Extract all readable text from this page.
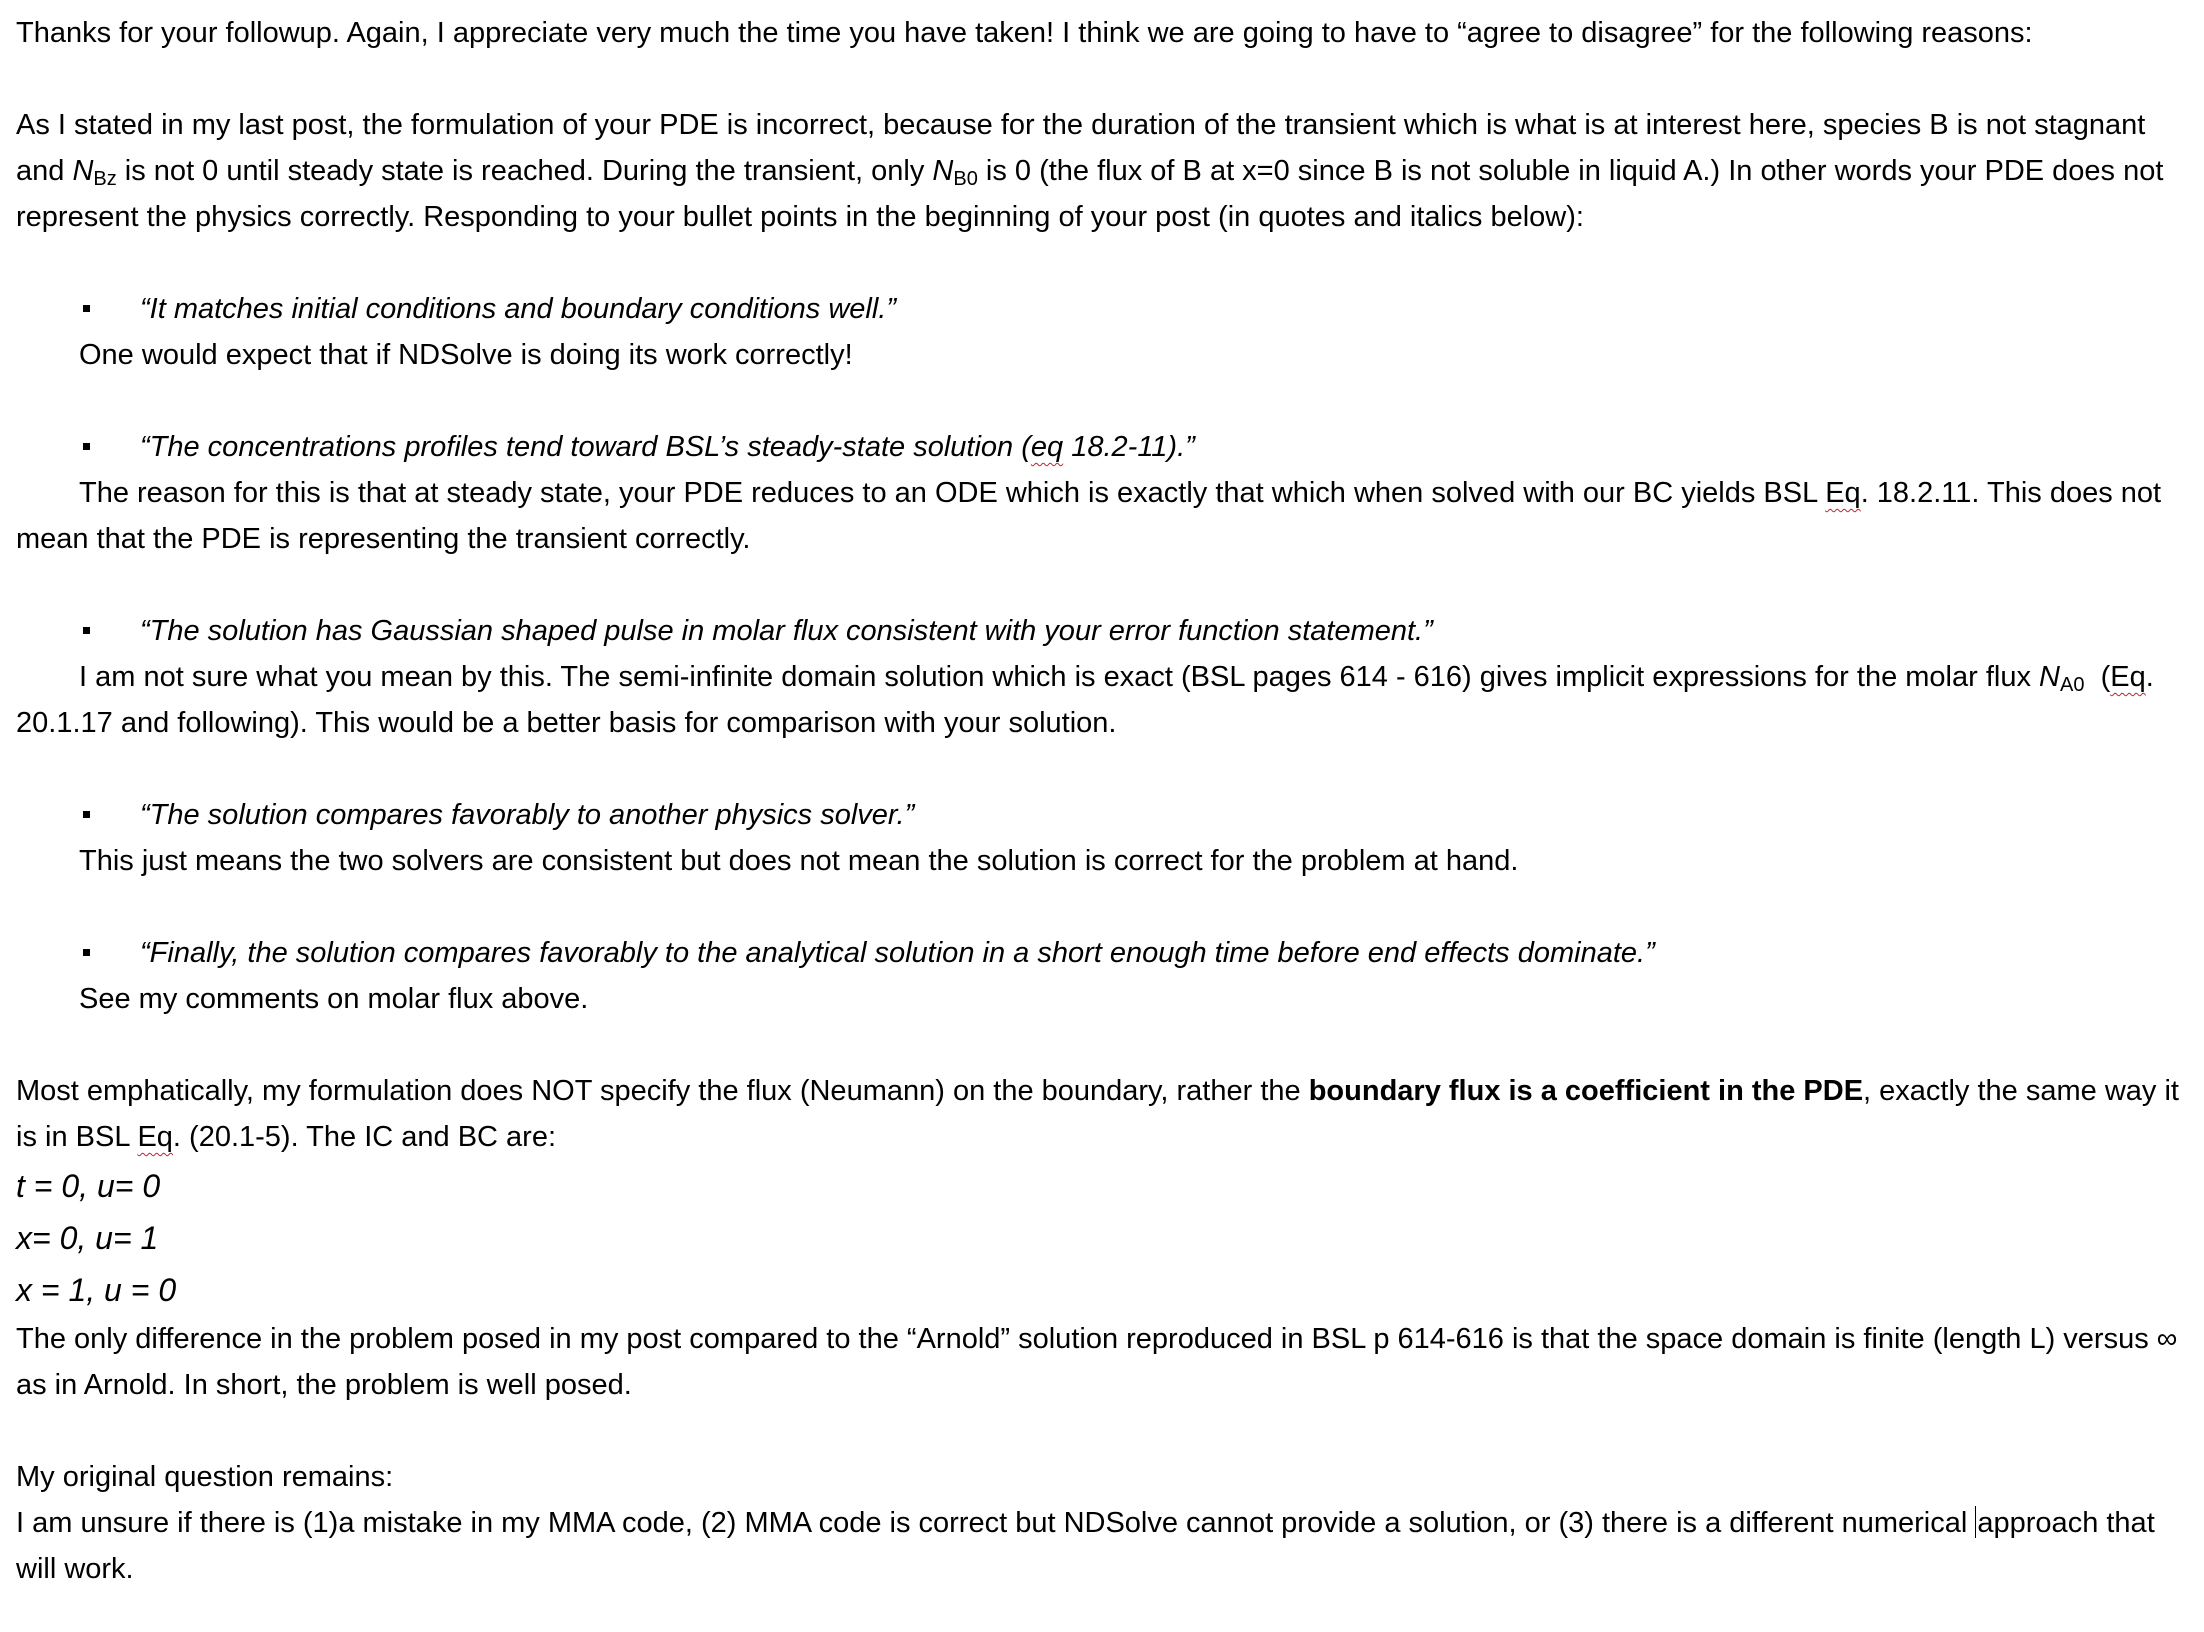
Thanks for your followup. Again, I appreciate very much the time you have taken! I think we are going to have to “agree to disagree” for the following reasons:

As I stated in my last post, the formulation of your PDE is incorrect, because for the duration of the transient which is what is at interest here, species B is not stagnant and $N_{Bz}$ is not 0 until steady state is reached. During the transient, only $N_{B0}$ is 0 (the flux of B at x=0 since B is not soluble in liquid A.) In other words your PDE does not represent the physics correctly. Responding to your bullet points in the beginning of your post (in quotes and italics below):

“It matches initial conditions and boundary conditions well.”

One would expect that if NDSolve is doing its work correctly!

“The concentrations profiles tend toward BSL’s steady-state solution (eq 18.2-11).”

The reason for this is that at steady state, your PDE reduces to an ODE which is exactly that which when solved with our BC yields BSL Eq. 18.2.11. This does not mean that the PDE is representing the transient correctly.

“The solution has Gaussian shaped pulse in molar flux consistent with your error function statement.”

I am not sure what you mean by this. The semi-infinite domain solution which is exact (BSL pages 614 - 616) gives implicit expressions for the molar flux $N_{A0}$  (Eq. 20.1.17 and following). This would be a better basis for comparison with your solution.

“The solution compares favorably to another physics solver.”

This just means the two solvers are consistent but does not mean the solution is correct for the problem at hand.

“Finally, the solution compares favorably to the analytical solution in a short enough time before end effects dominate.”

See my comments on molar flux above.

Most emphatically, my formulation does NOT specify the flux (Neumann) on the boundary, rather the boundary flux is a coefficient in the PDE, exactly the same way it is in BSL Eq. (20.1-5). The IC and BC are:

t = 0, u= 0

x= 0, u= 1

x = 1, u = 0

The only difference in the problem posed in my post compared to the “Arnold” solution reproduced in BSL p 614-616 is that the space domain is finite (length L) versus ∞ as in Arnold. In short, the problem is well posed.

My original question remains:

I am unsure if there is (1)a mistake in my MMA code, (2) MMA code is correct but NDSolve cannot provide a solution, or (3) there is a different numerical approach that will work.
